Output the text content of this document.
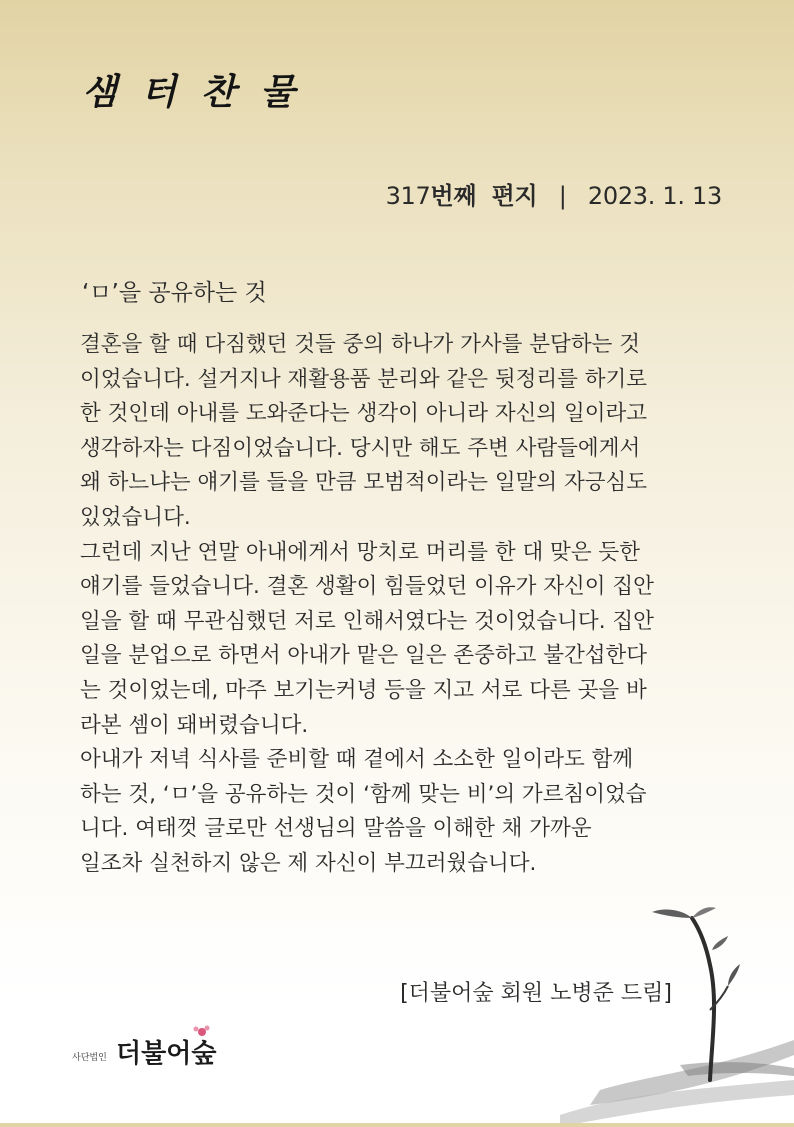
샘 터 찬 물
317번째 편지 | 2023. 1. 13
‘ㅁ’을 공유하는 것
결혼을 할 때 다짐했던 것들 중의 하나가 가사를 분담하는 것
이었습니다. 설거지나 재활용품 분리와 같은 뒷정리를 하기로
한 것인데 아내를 도와준다는 생각이 아니라 자신의 일이라고
생각하자는 다짐이었습니다. 당시만 해도 주변 사람들에게서
왜 하느냐는 얘기를 들을 만큼 모범적이라는 일말의 자긍심도
있었습니다.
그런데 지난 연말 아내에게서 망치로 머리를 한 대 맞은 듯한
얘기를 들었습니다. 결혼 생활이 힘들었던 이유가 자신이 집안
일을 할 때 무관심했던 저로 인해서였다는 것이었습니다. 집안
일을 분업으로 하면서 아내가 맡은 일은 존중하고 불간섭한다
는 것이었는데, 마주 보기는커녕 등을 지고 서로 다른 곳을 바
라본 셈이 돼버렸습니다.
아내가 저녁 식사를 준비할 때 곁에서 소소한 일이라도 함께
하는 것, ‘ㅁ’을 공유하는 것이 ‘함께 맞는 비’의 가르침이었습
니다. 여태껏 글로만 선생님의 말씀을 이해한 채 가까운
일조차 실천하지 않은 제 자신이 부끄러웠습니다.
[더불어숲 회원 노병준 드림]
사단법인 더불어숲
